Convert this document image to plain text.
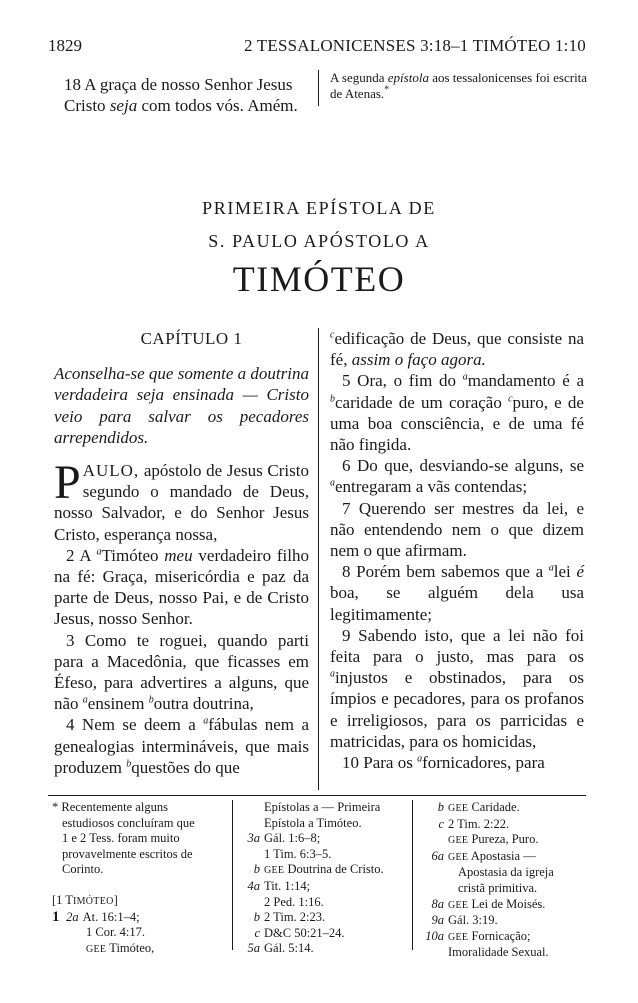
1829	2 TESSALONICENSES 3:18–1 TIMÓTEO 1:10
18 A graça de nosso Senhor Jesus
Cristo seja com todos vós. Amém.
A segunda epístola aos tessalonicenses foi escrita de Atenas.*
PRIMEIRA EPÍSTOLA DE
S. PAULO APÓSTOLO A
TIMÓTEO
CAPÍTULO 1
Aconselha-se que somente a doutrina verdadeira seja ensinada — Cristo veio para salvar os pecadores arrependidos.
PAULO, apóstolo de Jesus Cristo segundo o mandado de Deus, nosso Salvador, e do Senhor Jesus Cristo, esperança nossa,
2 A $^a$Timóteo meu verdadeiro filho na fé: Graça, misericórdia e paz da parte de Deus, nosso Pai, e de Cristo Jesus, nosso Senhor.
3 Como te roguei, quando parti para a Macedônia, que ficasses em Éfeso, para advertires a alguns, que não $^a$ensinem $^b$outra doutrina,
4 Nem se deem a $^a$fábulas nem a genealogias intermináveis, que mais produzem $^b$questões do que
$^c$edificação de Deus, que consiste na fé, assim o faço agora.
5 Ora, o fim do $^a$mandamento é a $^b$caridade de um coração $^c$puro, e de uma boa consciência, e de uma fé não fingida.
6 Do que, desviando-se alguns, se $^a$entregaram a vãs contendas;
7 Querendo ser mestres da lei, e não entendendo nem o que dizem nem o que afirmam.
8 Porém bem sabemos que a $^a$lei é boa, se alguém dela usa legitimamente;
9 Sabendo isto, que a lei não foi feita para o justo, mas para os $^a$injustos e obstinados, para os ímpios e pecadores, para os profanos e irreligiosos, para os parricidas e matricidas, para os homicidas,
10 Para os $^a$fornicadores, para
* Recentemente alguns
estudiosos concluíram que
1 e 2 Tess. foram muito
provavelmente escritos de
Corinto.
[1 TIMÓTEO]
1 2a At. 16:1–4;
1 Cor. 4:17.
GEE Timóteo,
Epístolas a — Primeira
Epístola a Timóteo.
3a Gál. 1:6–8;
1 Tim. 6:3–5.
b GEE Doutrina de Cristo.
4a Tit. 1:14;
2 Ped. 1:16.
b 2 Tim. 2:23.
c D&C 50:21–24.
5a Gál. 5:14.
b GEE Caridade.
c 2 Tim. 2:22.
GEE Pureza, Puro.
6a GEE Apostasia —
Apostasia da igreja
cristã primitiva.
8a GEE Lei de Moisés.
9a Gál. 3:19.
10a GEE Fornicação;
Imoralidade Sexual.
